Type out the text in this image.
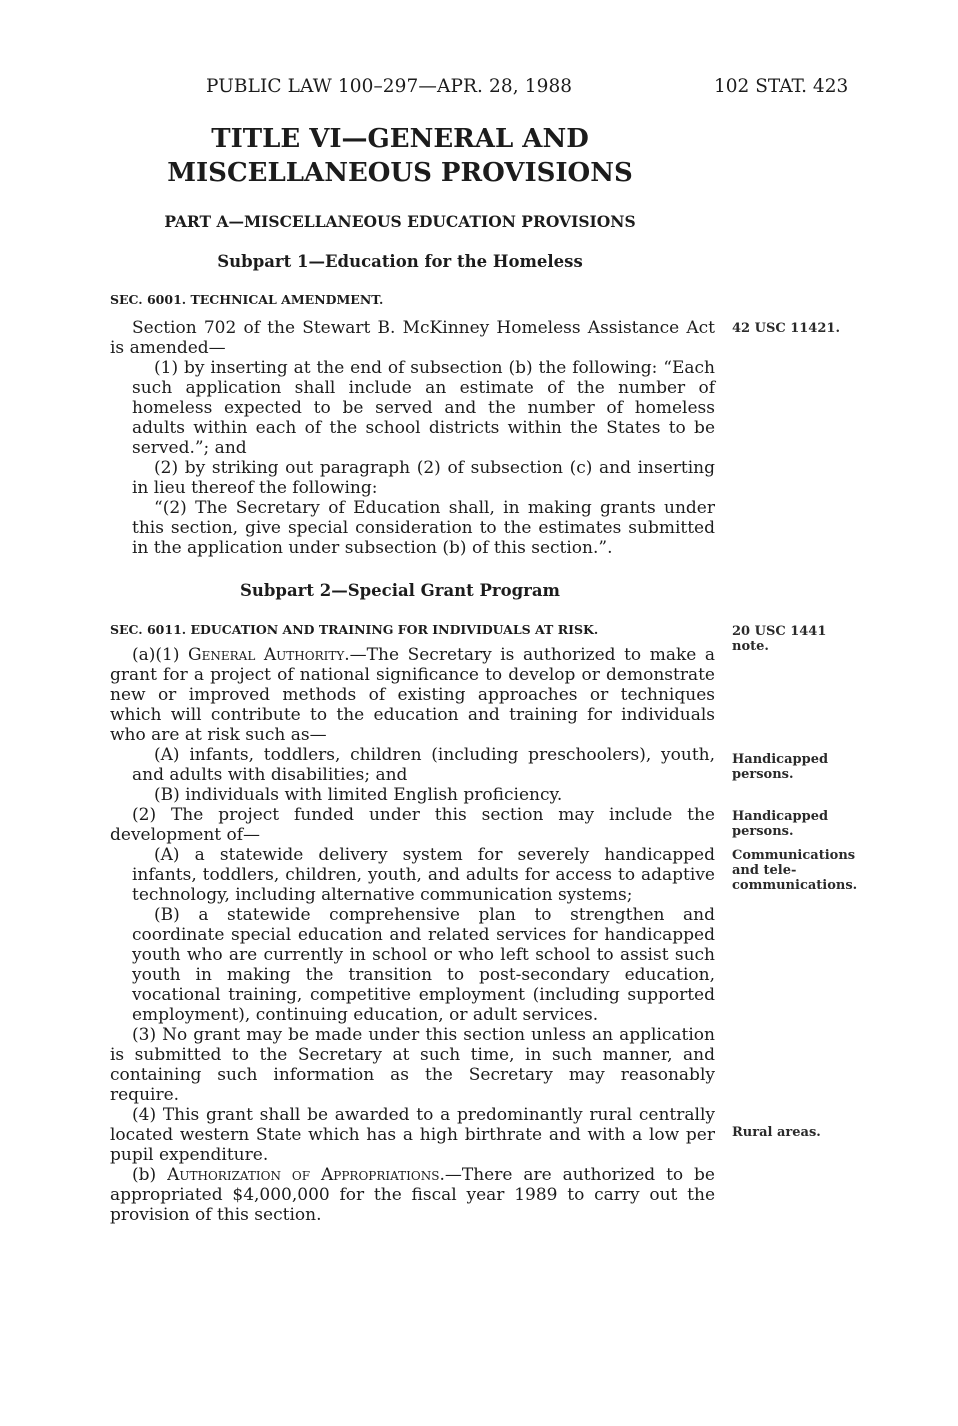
PUBLIC LAW 100–297—APR. 28, 1988	102 STAT. 423
TITLE VI—GENERAL AND
MISCELLANEOUS PROVISIONS
PART A—MISCELLANEOUS EDUCATION PROVISIONS
Subpart 1—Education for the Homeless
SEC. 6001. TECHNICAL AMENDMENT.

Section 702 of the Stewart B. McKinney Homeless Assistance Act is amended—

(1) by inserting at the end of subsection (b) the following: “Each such application shall include an estimate of the number of homeless expected to be served and the number of homeless adults within each of the school districts within the States to be served.”; and

(2) by striking out paragraph (2) of subsection (c) and inserting in lieu thereof the following:

“(2) The Secretary of Education shall, in making grants under this section, give special consideration to the estimates submitted in the application under subsection (b) of this section.”.

Subpart 2—Special Grant Program
SEC. 6011. EDUCATION AND TRAINING FOR INDIVIDUALS AT RISK.

(a)(1) General Authority.—The Secretary is authorized to make a grant for a project of national significance to develop or demonstrate new or improved methods of existing approaches or techniques which will contribute to the education and training for individuals who are at risk such as—

(A) infants, toddlers, children (including preschoolers), youth, and adults with disabilities; and

(B) individuals with limited English proficiency.

(2) The project funded under this section may include the development of—

(A) a statewide delivery system for severely handicapped infants, toddlers, children, youth, and adults for access to adaptive technology, including alternative communication systems;

(B) a statewide comprehensive plan to strengthen and coordinate special education and related services for handicapped youth who are currently in school or who left school to assist such youth in making the transition to post-secondary education, vocational training, competitive employment (including supported employment), continuing education, or adult services.

(3) No grant may be made under this section unless an application is submitted to the Secretary at such time, in such manner, and containing such information as the Secretary may reasonably require.

(4) This grant shall be awarded to a predominantly rural centrally located western State which has a high birthrate and with a low per pupil expenditure.

(b) Authorization of Appropriations.—There are authorized to be appropriated $4,000,000 for the fiscal year 1989 to carry out the provision of this section.

42 USC 11421.
20 USC 1441 note.
Handicapped persons.
Handicapped persons.
Communications and tele-communications.
Rural areas.
